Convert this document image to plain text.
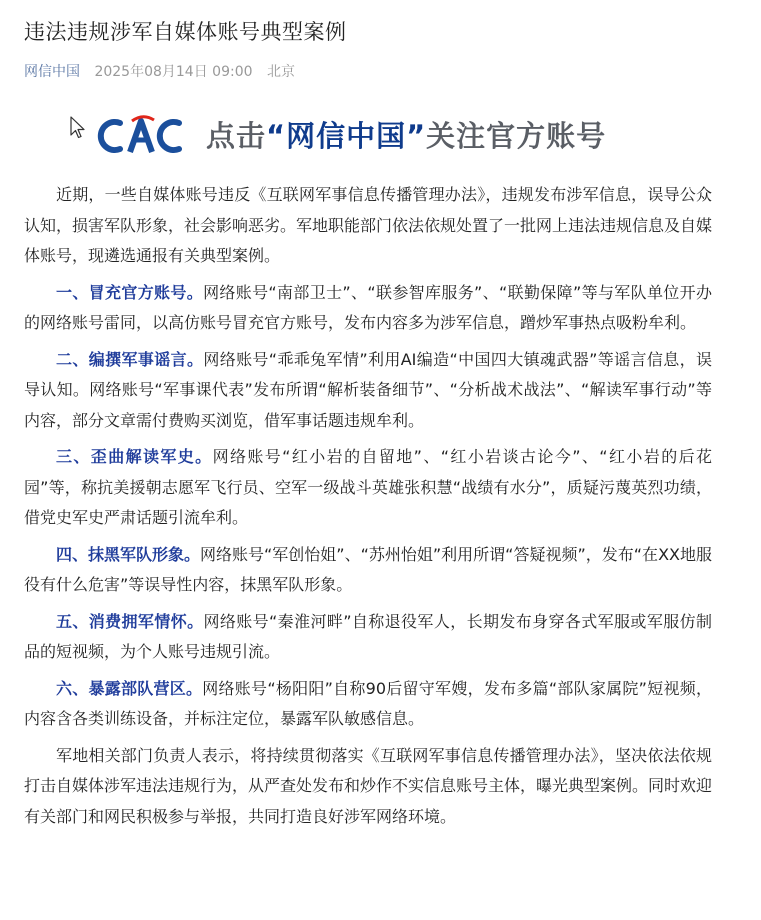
违法违规涉军自媒体账号典型案例
网信中国 2025年08月14日 09:00 北京
点击“网信中国”关注官方账号

近期，一些自媒体账号违反《互联网军事信息传播管理办法》，违规发布涉军信息，误导公众认知，损害军队形象，社会影响恶劣。军地职能部门依法依规处置了一批网上违法违规信息及自媒体账号，现遴选通报有关典型案例。

一、冒充官方账号。网络账号“南部卫士”、“联参智库服务”、“联勤保障”等与军队单位开办的网络账号雷同，以高仿账号冒充官方账号，发布内容多为涉军信息，蹭炒军事热点吸粉牟利。

二、编撰军事谣言。网络账号“乖乖兔军情”利用AI编造“中国四大镇魂武器”等谣言信息，误导认知。网络账号“军事课代表”发布所谓“解析装备细节”、“分析战术战法”、“解读军事行动”等内容，部分文章需付费购买浏览，借军事话题违规牟利。

三、歪曲解读军史。网络账号“红小岩的自留地”、“红小岩谈古论今”、“红小岩的后花园”等，称抗美援朝志愿军飞行员、空军一级战斗英雄张积慧“战绩有水分”，质疑污蔑英烈功绩，借党史军史严肃话题引流牟利。

四、抹黑军队形象。网络账号“军创怡姐”、“苏州怡姐”利用所谓“答疑视频”，发布“在XX地服役有什么危害”等误导性内容，抹黑军队形象。

五、消费拥军情怀。网络账号“秦淮河畔”自称退役军人，长期发布身穿各式军服或军服仿制品的短视频，为个人账号违规引流。

六、暴露部队营区。网络账号“杨阳阳”自称90后留守军嫂，发布多篇“部队家属院”短视频，内容含各类训练设备，并标注定位，暴露军队敏感信息。

军地相关部门负责人表示，将持续贯彻落实《互联网军事信息传播管理办法》，坚决依法依规打击自媒体涉军违法违规行为，从严查处发布和炒作不实信息账号主体，曝光典型案例。同时欢迎有关部门和网民积极参与举报，共同打造良好涉军网络环境。
